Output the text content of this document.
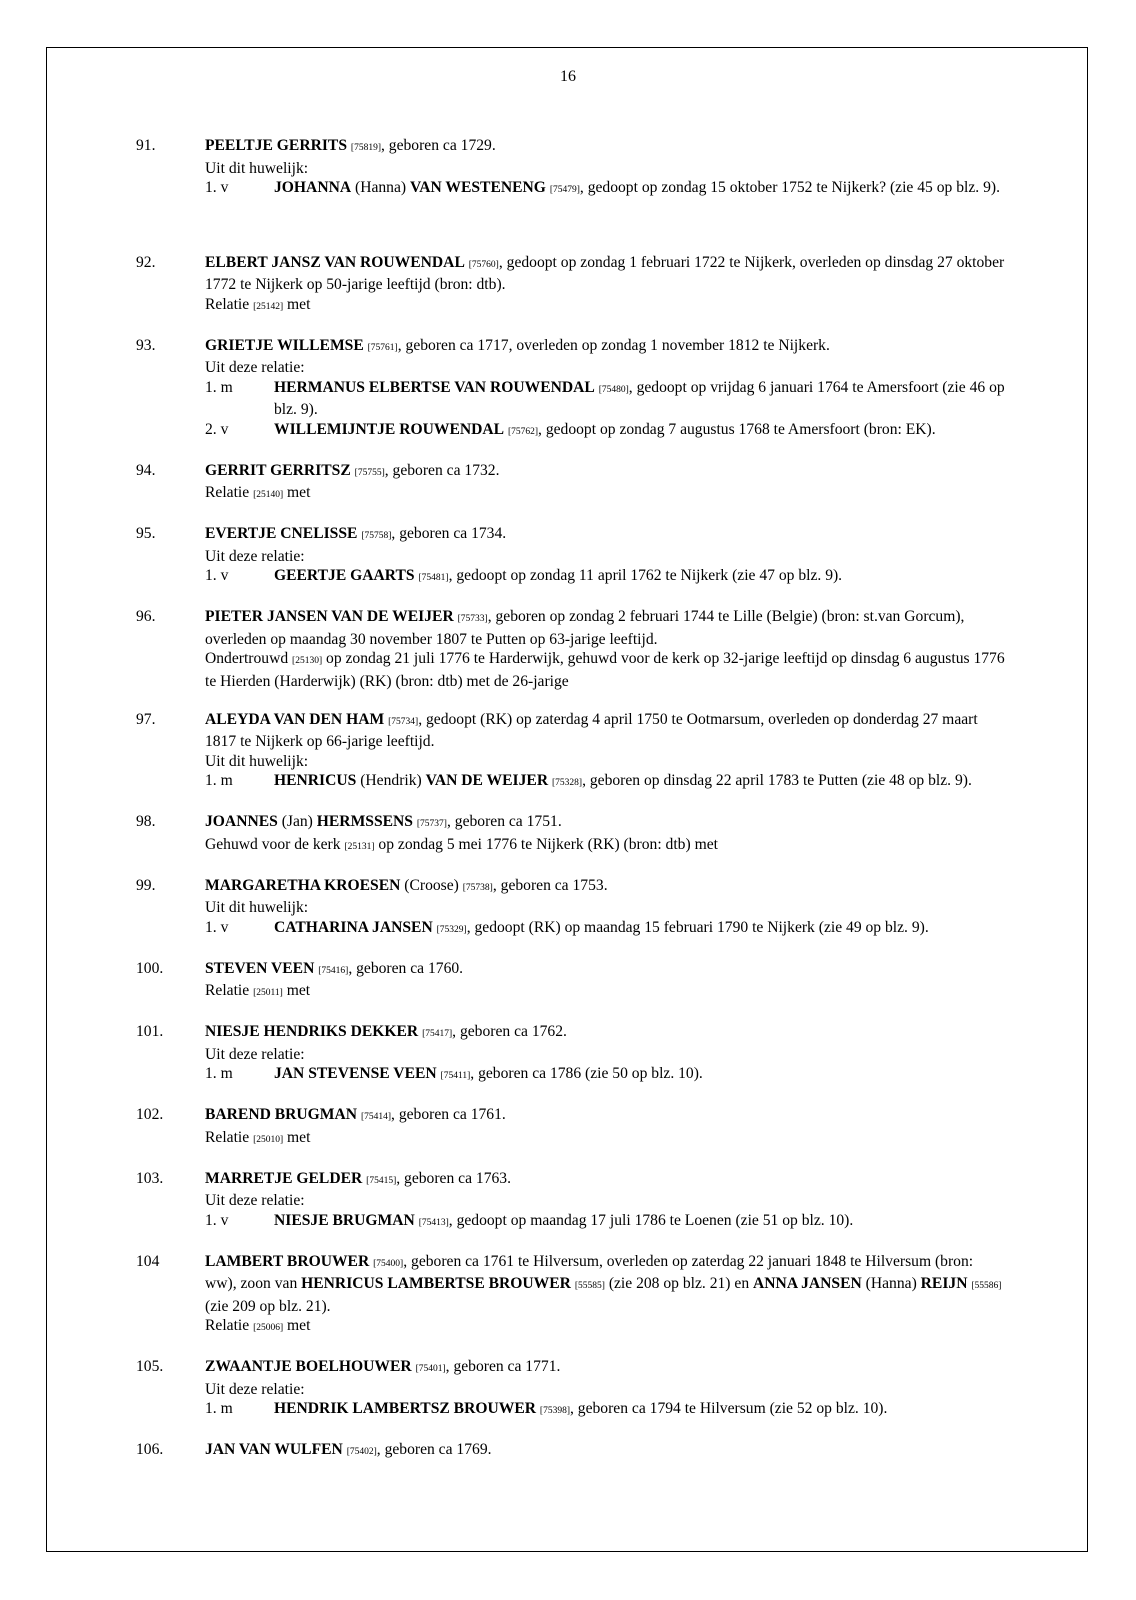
16
91.	PEELTJE GERRITS [75819], geboren ca 1729.
Uit dit huwelijk:
1. v	JOHANNA (Hanna) VAN WESTENENG [75479], gedoopt op zondag 15 oktober 1752 te Nijkerk? (zie 45 op blz. 9).
92.	ELBERT JANSZ VAN ROUWENDAL [75760], gedoopt op zondag 1 februari 1722 te Nijkerk, overleden op dinsdag 27 oktober 1772 te Nijkerk op 50-jarige leeftijd (bron: dtb).
Relatie [25142] met
93.	GRIETJE WILLEMSE [75761], geboren ca 1717, overleden op zondag 1 november 1812 te Nijkerk.
Uit deze relatie:
1. m	HERMANUS ELBERTSE VAN ROUWENDAL [75480], gedoopt op vrijdag 6 januari 1764 te Amersfoort (zie 46 op blz. 9).
2. v	WILLEMIJNTJE ROUWENDAL [75762], gedoopt op zondag 7 augustus 1768 te Amersfoort (bron: EK).
94.	GERRIT GERRITSZ [75755], geboren ca 1732.
Relatie [25140] met
95.	EVERTJE CNELISSE [75758], geboren ca 1734.
Uit deze relatie:
1. v	GEERTJE GAARTS [75481], gedoopt op zondag 11 april 1762 te Nijkerk (zie 47 op blz. 9).
96.	PIETER JANSEN VAN DE WEIJER [75733], geboren op zondag 2 februari 1744 te Lille (Belgie) (bron: st.van Gorcum), overleden op maandag 30 november 1807 te Putten op 63-jarige leeftijd.
Ondertrouwd [25130] op zondag 21 juli 1776 te Harderwijk, gehuwd voor de kerk op 32-jarige leeftijd op dinsdag 6 augustus 1776 te Hierden (Harderwijk) (RK) (bron: dtb) met de 26-jarige
97.	ALEYDA VAN DEN HAM [75734], gedoopt (RK) op zaterdag 4 april 1750 te Ootmarsum, overleden op donderdag 27 maart 1817 te Nijkerk op 66-jarige leeftijd.
Uit dit huwelijk:
1. m	HENRICUS (Hendrik) VAN DE WEIJER [75328], geboren op dinsdag 22 april 1783 te Putten (zie 48 op blz. 9).
98.	JOANNES (Jan) HERMSSENS [75737], geboren ca 1751.
Gehuwd voor de kerk [25131] op zondag 5 mei 1776 te Nijkerk (RK) (bron: dtb) met
99.	MARGARETHA KROESEN (Croose) [75738], geboren ca 1753.
Uit dit huwelijk:
1. v	CATHARINA JANSEN [75329], gedoopt (RK) op maandag 15 februari 1790 te Nijkerk (zie 49 op blz. 9).
100.	STEVEN VEEN [75416], geboren ca 1760.
Relatie [25011] met
101.	NIESJE HENDRIKS DEKKER [75417], geboren ca 1762.
Uit deze relatie:
1. m	JAN STEVENSE VEEN [75411], geboren ca 1786 (zie 50 op blz. 10).
102.	BAREND BRUGMAN [75414], geboren ca 1761.
Relatie [25010] met
103.	MARRETJE GELDER [75415], geboren ca 1763.
Uit deze relatie:
1. v	NIESJE BRUGMAN [75413], gedoopt op maandag 17 juli 1786 te Loenen (zie 51 op blz. 10).
104	LAMBERT BROUWER [75400], geboren ca 1761 te Hilversum, overleden op zaterdag 22 januari 1848 te Hilversum (bron: ww), zoon van HENRICUS LAMBERTSE BROUWER [55585] (zie 208 op blz. 21) en ANNA JANSEN (Hanna) REIJN [55586] (zie 209 op blz. 21).
Relatie [25006] met
105.	ZWAANTJE BOELHOUWER [75401], geboren ca 1771.
Uit deze relatie:
1. m	HENDRIK LAMBERTSZ BROUWER [75398], geboren ca 1794 te Hilversum (zie 52 op blz. 10).
106.	JAN VAN WULFEN [75402], geboren ca 1769.
